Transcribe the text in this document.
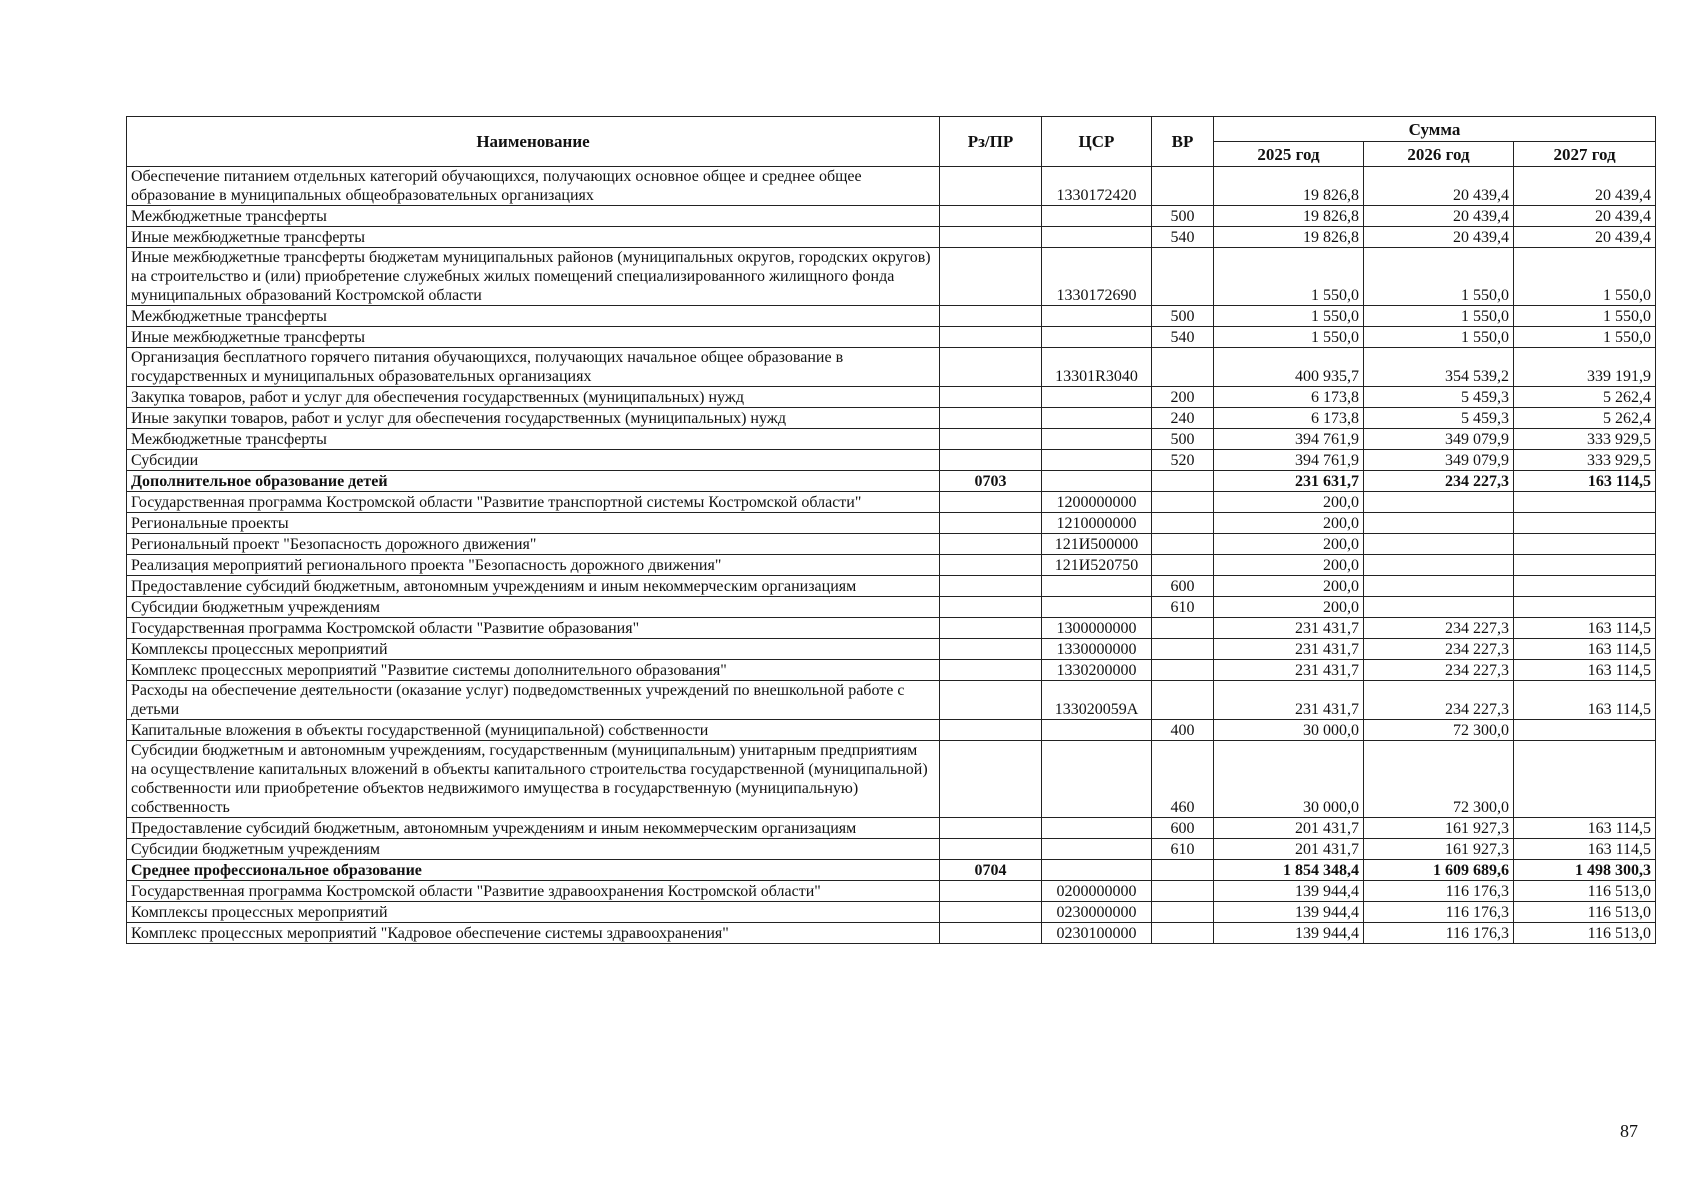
Наименование	Рз/ПР	ЦСР	ВР	Сумма		
				2025 год	2026 год	2027 год
Обеспечение питанием отдельных категорий обучающихся, получающих основное общее и среднее общее образование в муниципальных общеобразовательных организациях		1330172420		19 826,8	20 439,4	20 439,4
Межбюджетные трансферты			500	19 826,8	20 439,4	20 439,4
Иные межбюджетные трансферты			540	19 826,8	20 439,4	20 439,4
Иные межбюджетные трансферты бюджетам муниципальных районов (муниципальных округов, городских округов) на строительство и (или) приобретение служебных жилых помещений специализированного жилищного фонда муниципальных образований Костромской области		1330172690		1 550,0	1 550,0	1 550,0
Межбюджетные трансферты			500	1 550,0	1 550,0	1 550,0
Иные межбюджетные трансферты			540	1 550,0	1 550,0	1 550,0
Организация бесплатного горячего питания обучающихся, получающих начальное общее образование в государственных и муниципальных образовательных организациях		13301R3040		400 935,7	354 539,2	339 191,9
Закупка товаров, работ и услуг для обеспечения государственных (муниципальных) нужд			200	6 173,8	5 459,3	5 262,4
Иные закупки товаров, работ и услуг для обеспечения государственных (муниципальных) нужд			240	6 173,8	5 459,3	5 262,4
Межбюджетные трансферты			500	394 761,9	349 079,9	333 929,5
Субсидии			520	394 761,9	349 079,9	333 929,5
Дополнительное образование детей	0703			231 631,7	234 227,3	163 114,5
Государственная программа Костромской области "Развитие транспортной системы Костромской области"		1200000000		200,0		
Региональные проекты		1210000000		200,0		
Региональный проект "Безопасность дорожного движения"		121И500000		200,0		
Реализация мероприятий регионального проекта "Безопасность дорожного движения"		121И520750		200,0		
Предоставление субсидий бюджетным, автономным учреждениям и иным некоммерческим организациям			600	200,0		
Субсидии бюджетным учреждениям			610	200,0		
Государственная программа Костромской области "Развитие образования"		1300000000		231 431,7	234 227,3	163 114,5
Комплексы процессных мероприятий		1330000000		231 431,7	234 227,3	163 114,5
Комплекс процессных мероприятий "Развитие системы дополнительного образования"		1330200000		231 431,7	234 227,3	163 114,5
Расходы на обеспечение деятельности (оказание услуг) подведомственных учреждений по внешкольной работе с детьми		133020059А		231 431,7	234 227,3	163 114,5
Капитальные вложения в объекты государственной (муниципальной) собственности			400	30 000,0	72 300,0	
Субсидии бюджетным и автономным учреждениям, государственным (муниципальным) унитарным предприятиям на осуществление капитальных вложений в объекты капитального строительства государственной (муниципальной) собственности или приобретение объектов недвижимого имущества в государственную (муниципальную) собственность			460	30 000,0	72 300,0	
Предоставление субсидий бюджетным, автономным учреждениям и иным некоммерческим организациям			600	201 431,7	161 927,3	163 114,5
Субсидии бюджетным учреждениям			610	201 431,7	161 927,3	163 114,5
Среднее профессиональное образование	0704			1 854 348,4	1 609 689,6	1 498 300,3
Государственная программа Костромской области "Развитие здравоохранения Костромской области"		0200000000		139 944,4	116 176,3	116 513,0
Комплексы процессных мероприятий		0230000000		139 944,4	116 176,3	116 513,0
Комплекс процессных мероприятий "Кадровое обеспечение системы здравоохранения"		0230100000		139 944,4	116 176,3	116 513,0
87
